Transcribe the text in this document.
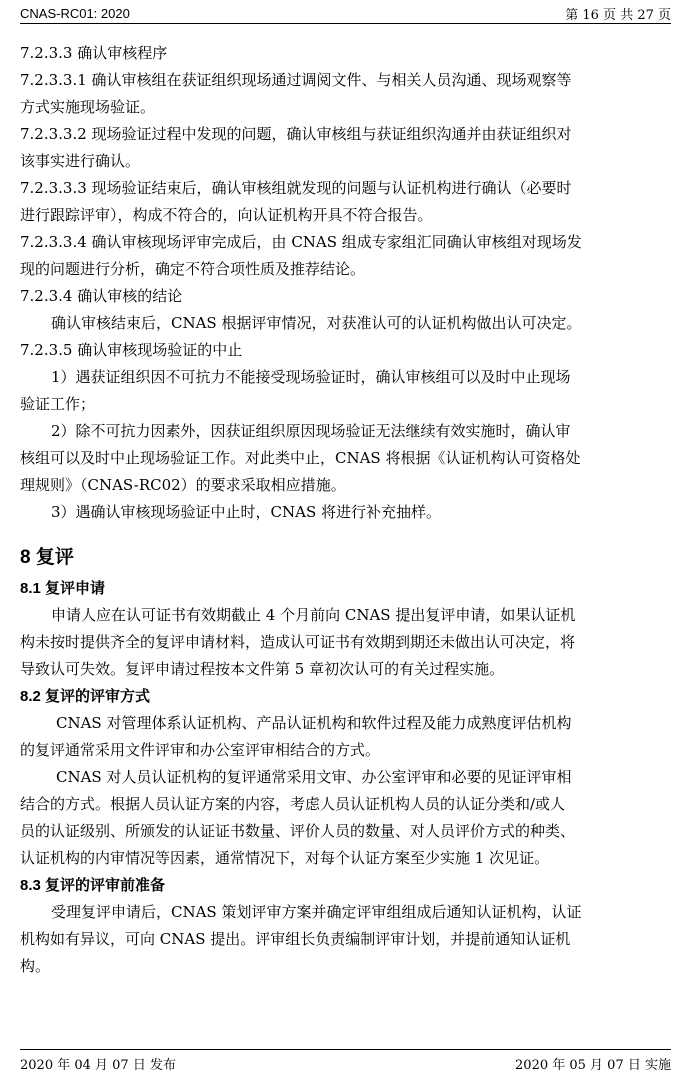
CNAS-RC01: 2020	第 16 页 共 27 页

7.2.3.3 确认审核程序

7.2.3.3.1 确认审核组在获证组织现场通过调阅文件、与相关人员沟通、现场观察等

方式实施现场验证。

7.2.3.3.2 现场验证过程中发现的问题，确认审核组与获证组织沟通并由获证组织对

该事实进行确认。

7.2.3.3.3 现场验证结束后，确认审核组就发现的问题与认证机构进行确认（必要时

进行跟踪评审），构成不符合的，向认证机构开具不符合报告。

7.2.3.3.4 确认审核现场评审完成后，由 CNAS 组成专家组汇同确认审核组对现场发

现的问题进行分析，确定不符合项性质及推荐结论。

7.2.3.4 确认审核的结论

确认审核结束后，CNAS 根据评审情况，对获准认可的认证机构做出认可决定。

7.2.3.5 确认审核现场验证的中止

1）遇获证组织因不可抗力不能接受现场验证时，确认审核组可以及时中止现场

验证工作；

2）除不可抗力因素外，因获证组织原因现场验证无法继续有效实施时，确认审

核组可以及时中止现场验证工作。对此类中止，CNAS 将根据《认证机构认可资格处

理规则》（CNAS-RC02）的要求采取相应措施。

3）遇确认审核现场验证中止时，CNAS 将进行补充抽样。

8 复评

8.1 复评申请

申请人应在认可证书有效期截止 4 个月前向 CNAS 提出复评申请，如果认证机

构未按时提供齐全的复评申请材料，造成认可证书有效期到期还未做出认可决定，将

导致认可失效。复评申请过程按本文件第 5 章初次认可的有关过程实施。

8.2 复评的评审方式

CNAS 对管理体系认证机构、产品认证机构和软件过程及能力成熟度评估机构

的复评通常采用文件评审和办公室评审相结合的方式。

CNAS 对人员认证机构的复评通常采用文审、办公室评审和必要的见证评审相

结合的方式。根据人员认证方案的内容，考虑人员认证机构人员的认证分类和/或人

员的认证级别、所颁发的认证证书数量、评价人员的数量、对人员评价方式的种类、

认证机构的内审情况等因素，通常情况下，对每个认证方案至少实施 1 次见证。

8.3 复评的评审前准备

受理复评申请后，CNAS 策划评审方案并确定评审组组成后通知认证机构，认证

机构如有异议，可向 CNAS 提出。评审组长负责编制评审计划，并提前通知认证机

构。

2020 年 04 月 07 日 发布	2020 年 05 月 07 日 实施
